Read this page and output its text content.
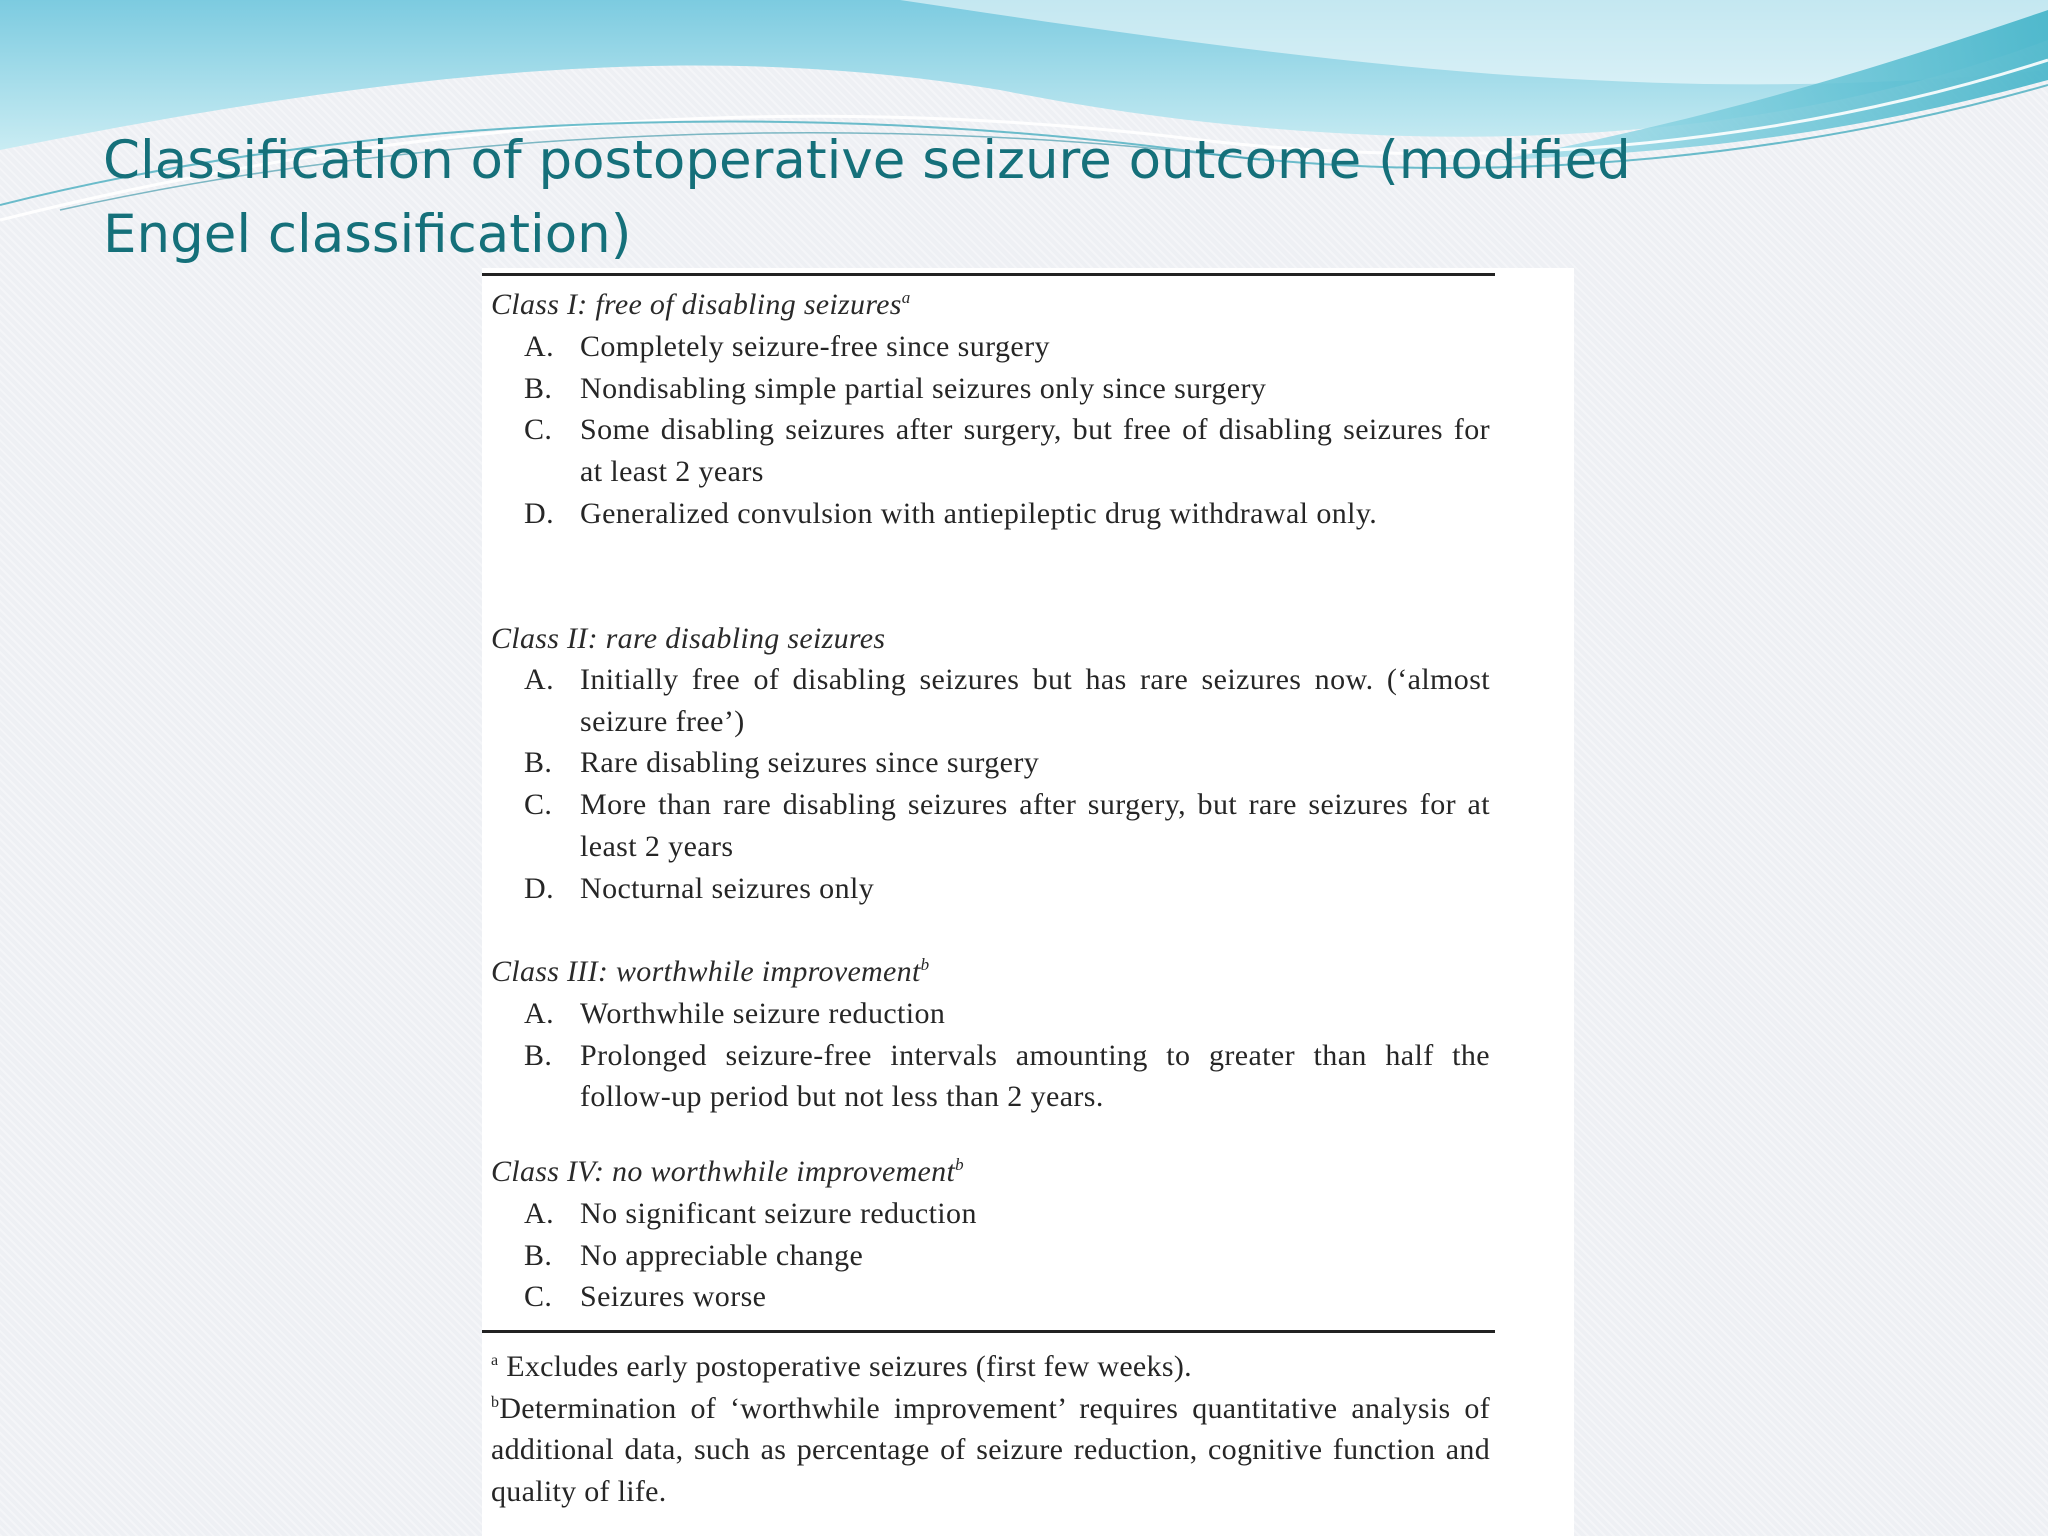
Classification of postoperative seizure outcome (modified Engel classification)
Class I: free of disabling seizures$^a$
A. Completely seizure-free since surgery
B. Nondisabling simple partial seizures only since surgery
C. Some disabling seizures after surgery, but free of disabling seizures for at least 2 years
D. Generalized convulsion with antiepileptic drug withdrawal only.
Class II: rare disabling seizures
A. Initially free of disabling seizures but has rare seizures now. (‘almost seizure free’)
B. Rare disabling seizures since surgery
C. More than rare disabling seizures after surgery, but rare seizures for at least 2 years
D. Nocturnal seizures only
Class III: worthwhile improvement$^b$
A. Worthwhile seizure reduction
B. Prolonged seizure-free intervals amounting to greater than half the follow-up period but not less than 2 years.
Class IV: no worthwhile improvement$^b$
A. No significant seizure reduction
B. No appreciable change
C. Seizures worse

$^a$ Excludes early postoperative seizures (first few weeks).

$^b$Determination of ‘worthwhile improvement’ requires quantitative analysis of additional data, such as percentage of seizure reduction, cognitive function and quality of life.
